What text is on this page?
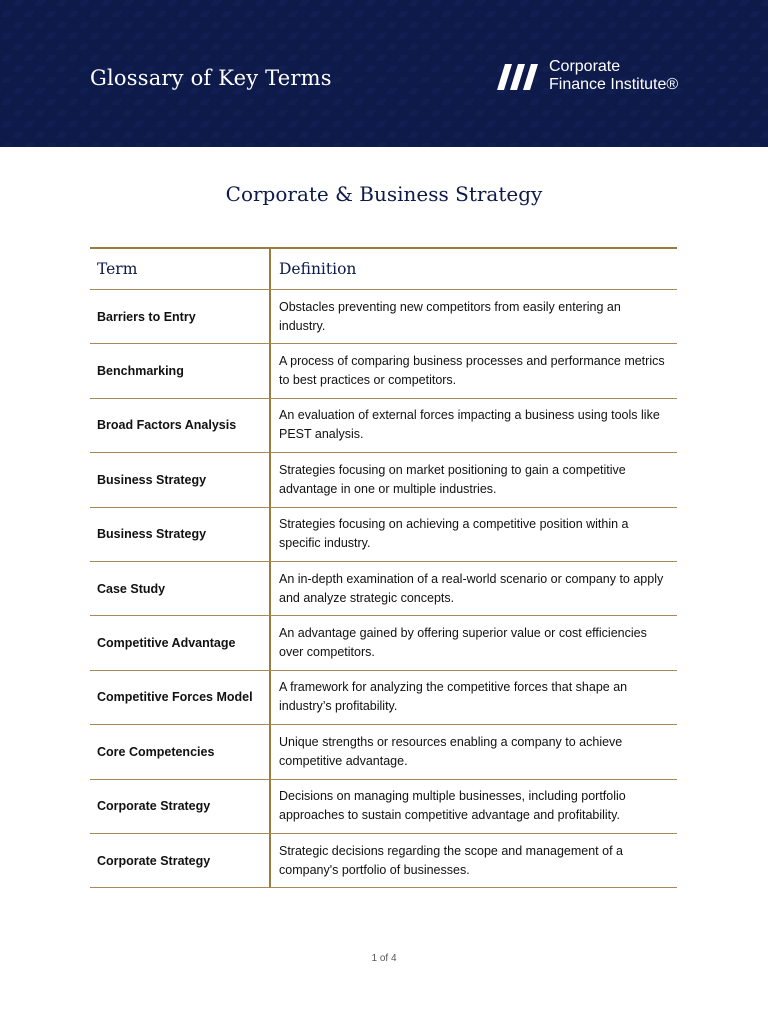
Glossary of Key Terms	Corporate
Finance Institute®
Corporate & Business Strategy
Term	Definition
Barriers to Entry
Obstacles preventing new competitors from easily entering an industry.
Benchmarking
A process of comparing business processes and performance metrics to best practices or competitors.
Broad Factors Analysis
An evaluation of external forces impacting a business using tools like PEST analysis.
Business Strategy
Strategies focusing on market positioning to gain a competitive advantage in one or multiple industries.
Business Strategy
Strategies focusing on achieving a competitive position within a specific industry.
Case Study
An in-depth examination of a real-world scenario or company to apply and analyze strategic concepts.
Competitive Advantage
An advantage gained by offering superior value or cost efficiencies over competitors.
Competitive Forces Model
A framework for analyzing the competitive forces that shape an industry’s profitability.
Core Competencies
Unique strengths or resources enabling a company to achieve competitive advantage.
Corporate Strategy
Decisions on managing multiple businesses, including portfolio approaches to sustain competitive advantage and profitability.
Corporate Strategy
Strategic decisions regarding the scope and management of a company's portfolio of businesses.
1 of 4
